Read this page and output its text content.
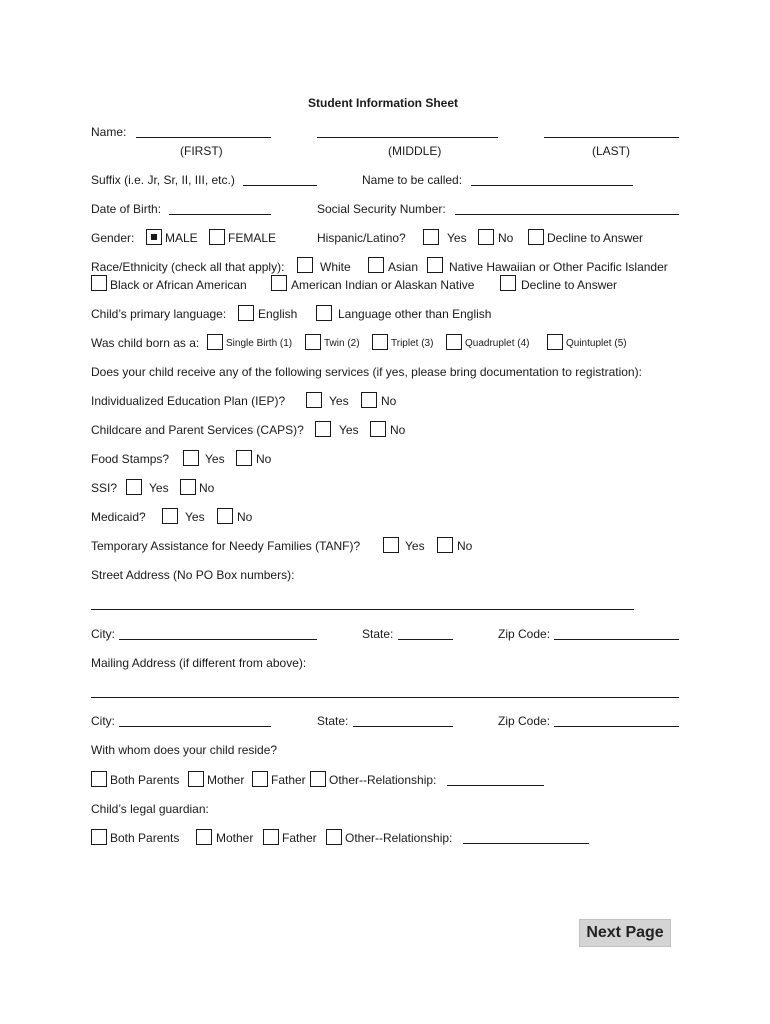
Student Information Sheet
Name:
(FIRST)	(MIDDLE)	(LAST)
Suffix (i.e. Jr, Sr, II, III, etc.)	Name to be called:
Date of Birth:	Social Security Number:
Gender:	MALE	FEMALE	Hispanic/Latino?	Yes	No	Decline to Answer
Race/Ethnicity (check all that apply):	White	Asian	Native Hawaiian or Other Pacific Islander
Black or African American	American Indian or Alaskan Native	Decline to Answer
Child’s primary language:	English	Language other than English
Was child born as a:	Single Birth (1)	Twin (2)	Triplet (3)	Quadruplet (4)	Quintuplet (5)
Does your child receive any of the following services (if yes, please bring documentation to registration):
Individualized Education Plan (IEP)?	Yes	No
Childcare and Parent Services (CAPS)?	Yes	No
Food Stamps?	Yes	No
SSI?	Yes	No
Medicaid?	Yes	No
Temporary Assistance for Needy Families (TANF)?	Yes	No
Street Address (No PO Box numbers):
City:	State:	Zip Code:
Mailing Address (if different from above):
City:	State:	Zip Code:
With whom does your child reside?
Both Parents Mother Father Other--Relationship:
Child’s legal guardian:
Both Parents	Mother Father Other--Relationship:
Next Page
